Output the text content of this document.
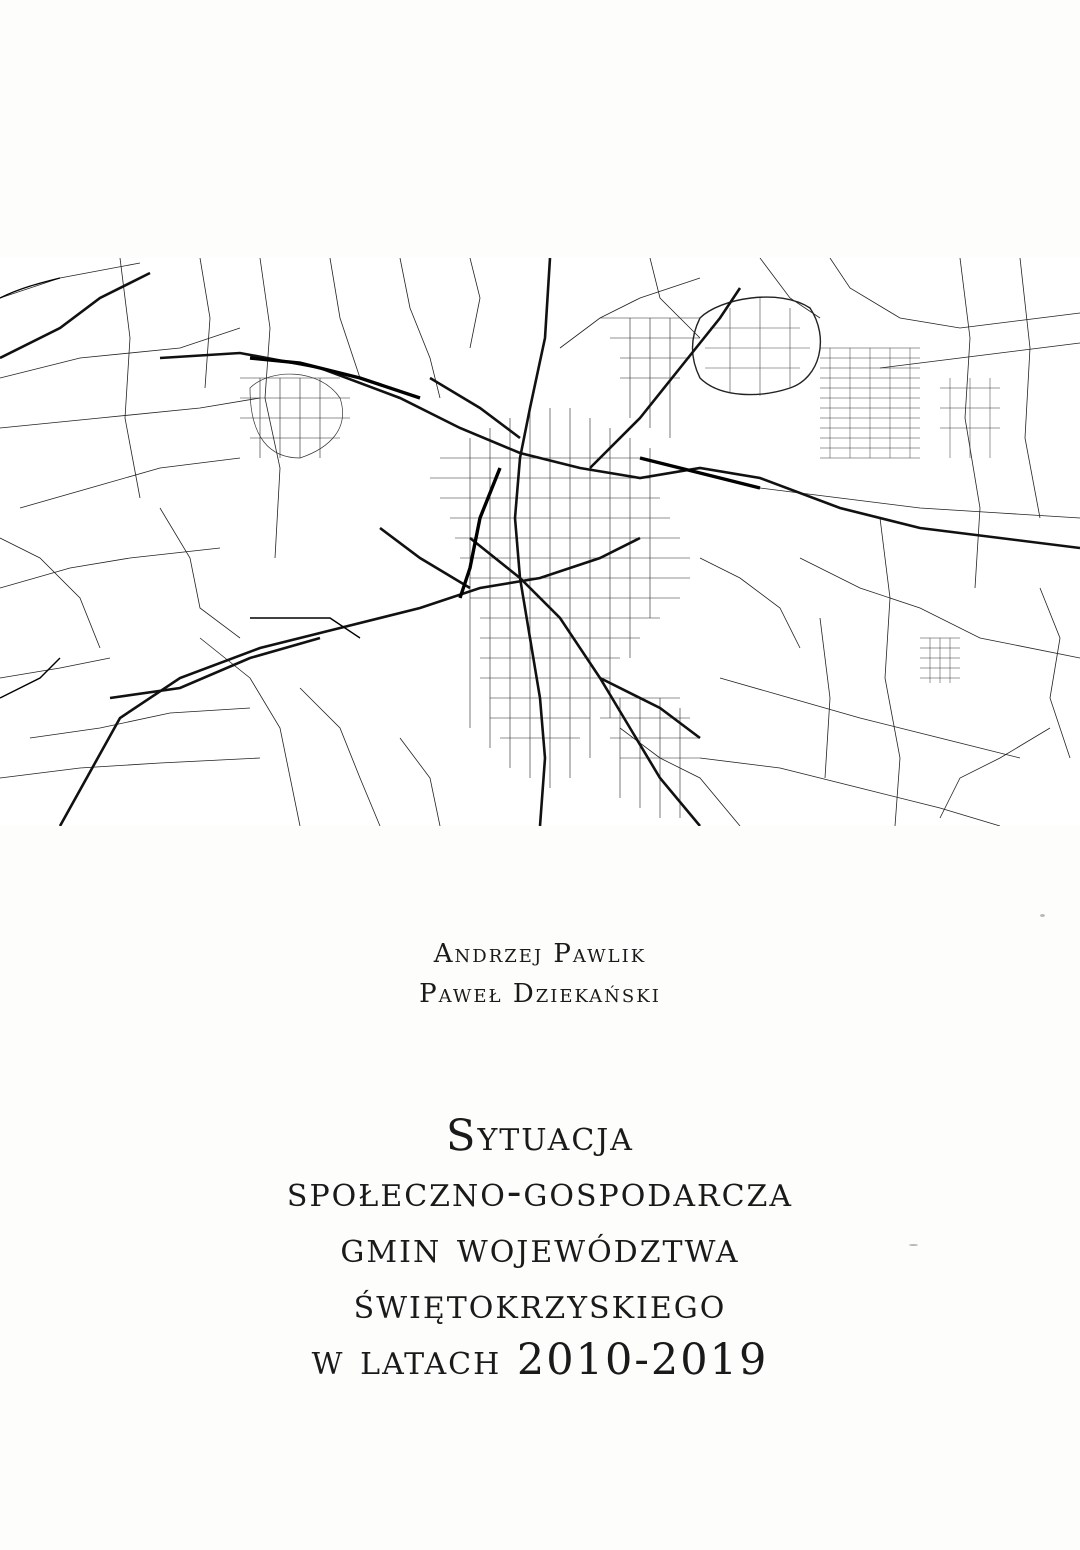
Andrzej Pawlik
Paweł Dziekański
Sytuacja
społeczno-gospodarcza
gmin województwa
świętokrzyskiego
w latach 2010-2019
